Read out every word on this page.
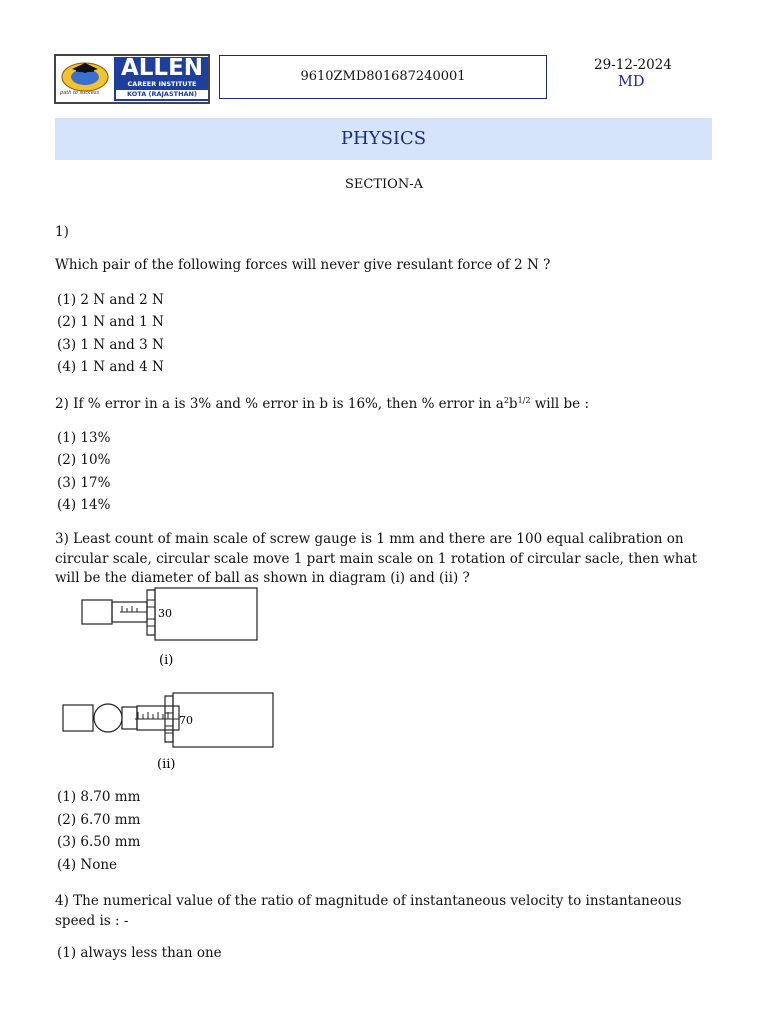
ALLEN
CAREER INSTITUTE
KOTA (RAJASTHAN)
path to success
9610ZMD801687240001
29-12-2024
MD
PHYSICS
SECTION-A
1)
Which pair of the following forces will never give resulant force of 2 N ?
(1) 2 N and 2 N
(2) 1 N and 1 N
(3) 1 N and 3 N
(4) 1 N and 4 N
2) If % error in a is 3% and % error in b is 16%, then % error in $a^2b^{1/2}$ will be :
(1) 13%
(2) 10%
(3) 17%
(4) 14%
3) Least count of main scale of screw gauge is 1 mm and there are 100 equal calibration on circular scale, circular scale move 1 part main scale on 1 rotation of circular sacle, then what will be the diameter of ball as shown in diagram (i) and (ii) ?
30
(i)
70
(ii)
(1) 8.70 mm
(2) 6.70 mm
(3) 6.50 mm
(4) None
4) The numerical value of the ratio of magnitude of instantaneous velocity to instantaneous speed is : -
(1) always less than one
